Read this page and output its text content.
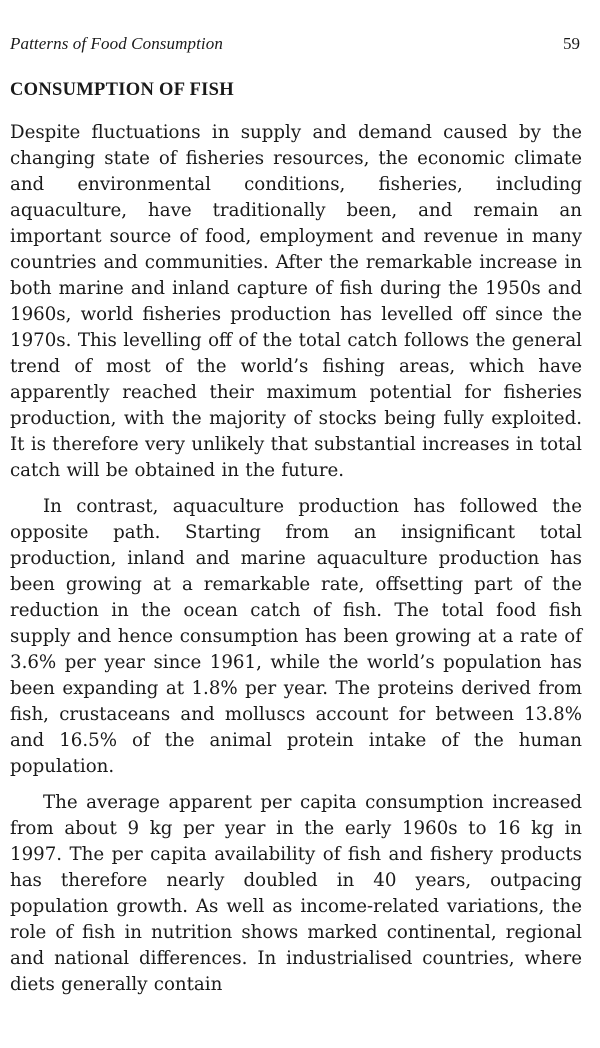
Patterns of Food Consumption	59
CONSUMPTION OF FISH

Despite fluctuations in supply and demand caused by the changing state of fisheries resources, the economic climate and environmental conditions, fisheries, including aquaculture, have traditionally been, and remain an important source of food, employment and revenue in many countries and communities. After the remarkable increase in both marine and inland capture of fish during the 1950s and 1960s, world fisheries production has levelled off since the 1970s. This levelling off of the total catch follows the general trend of most of the world’s fishing areas, which have apparently reached their maximum potential for fisheries production, with the majority of stocks being fully exploited. It is therefore very unlikely that substantial increases in total catch will be obtained in the future.

In contrast, aquaculture production has followed the opposite path. Starting from an insignificant total production, inland and marine aquaculture production has been growing at a remarkable rate, offsetting part of the reduction in the ocean catch of fish. The total food fish supply and hence consumption has been growing at a rate of 3.6% per year since 1961, while the world’s population has been expanding at 1.8% per year. The proteins derived from fish, crustaceans and molluscs account for between 13.8% and 16.5% of the animal protein intake of the human population.

The average apparent per capita consumption increased from about 9 kg per year in the early 1960s to 16 kg in 1997. The per capita availability of fish and fishery products has therefore nearly doubled in 40 years, outpacing population growth. As well as income-related variations, the role of fish in nutrition shows marked continental, regional and national differences. In industrialised countries, where diets generally contain
